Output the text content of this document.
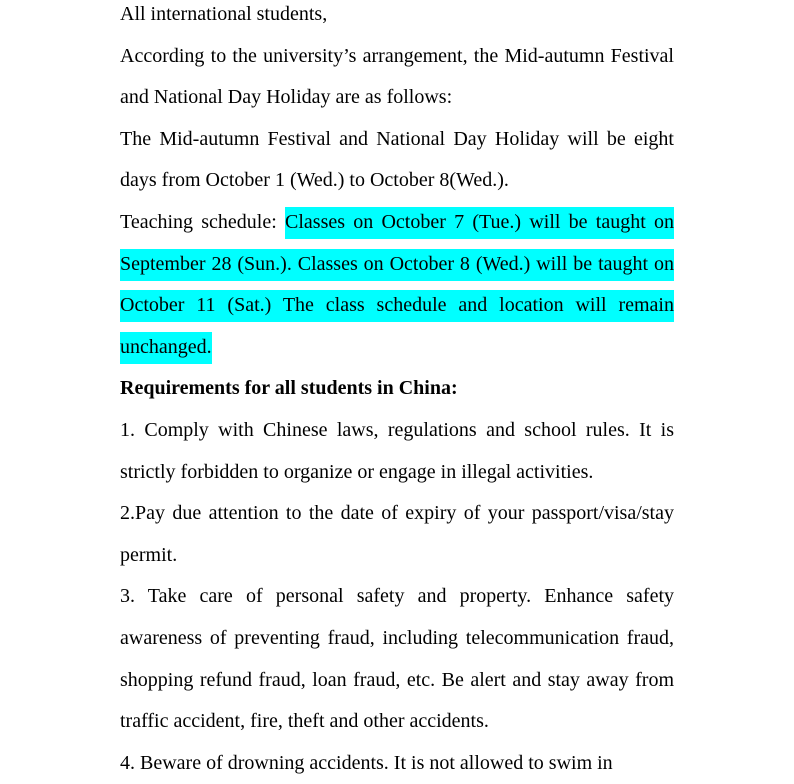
All international students,

According to the university’s arrangement, the Mid-autumn Festival and National Day Holiday are as follows:

The Mid-autumn Festival and National Day Holiday will be eight days from October 1 (Wed.) to October 8(Wed.).

Teaching schedule: Classes on October 7 (Tue.) will be taught on September 28 (Sun.). Classes on October 8 (Wed.) will be taught on October 11 (Sat.) The class schedule and location will remain unchanged.

Requirements for all students in China:

1. Comply with Chinese laws, regulations and school rules. It is strictly forbidden to organize or engage in illegal activities.

2.Pay due attention to the date of expiry of your passport/visa/stay permit.

3. Take care of personal safety and property. Enhance safety awareness of preventing fraud, including telecommunication fraud, shopping refund fraud, loan fraud, etc. Be alert and stay away from traffic accident, fire, theft and other accidents.

4. Beware of drowning accidents. It is not allowed to swim in
